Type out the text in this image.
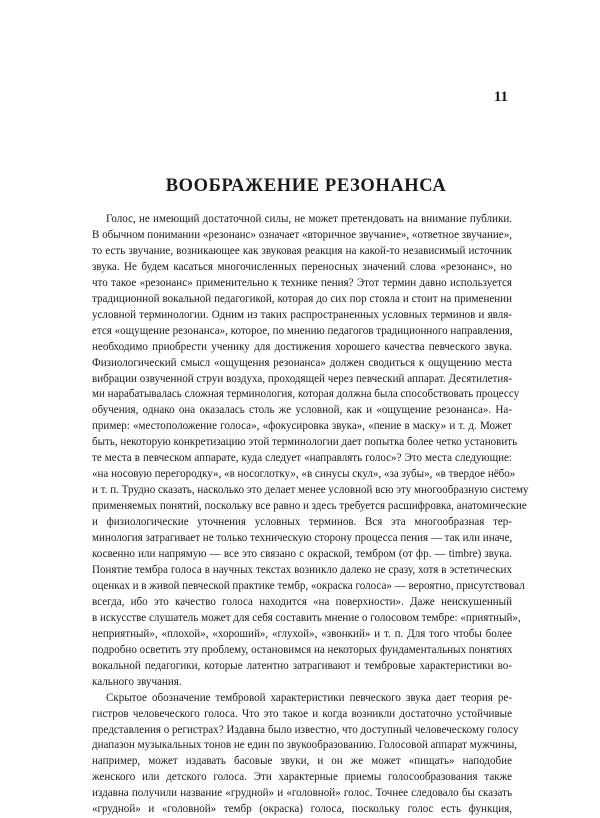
11
ВООБРАЖЕНИЕ РЕЗОНАНСА
Голос, не имеющий достаточной силы, не может претендовать на внимание публики.
В обычном понимании «резонанс» означает «вторичное звучание», «ответное звучание»,
то есть звучание, возникающее как звуковая реакция на какой-то независимый источник
звука. Не будем касаться многочисленных переносных значений слова «резонанс», но
что такое «резонанс» применительно к технике пения? Этот термин давно используется
традиционной вокальной педагогикой, которая до сих пор стояла и стоит на применении
условной терминологии. Одним из таких распространенных условных терминов и явля-
ется «ощущение резонанса», которое, по мнению педагогов традиционного направления,
необходимо приобрести ученику для достижения хорошего качества певческого звука.
Физиологический смысл «ощущения резонанса» должен сводиться к ощущению места
вибрации озвученной струи воздуха, проходящей через певческий аппарат. Десятилетия-
ми нарабатывалась сложная терминология, которая должна была способствовать процессу
обучения, однако она оказалась столь же условной, как и «ощущение резонанса». На-
пример: «местоположение голоса», «фокусировка звука», «пение в маску» и т. д. Может
быть, некоторую конкретизацию этой терминологии дает попытка более четко установить
те места в певческом аппарате, куда следует «направлять голос»? Это места следующие:
«на носовую перегородку», «в носоглотку», «в синусы скул», «за зубы», «в твердое нёбо»
и т. п. Трудно сказать, насколько это делает менее условной всю эту многообразную систему
применяемых понятий, поскольку все равно и здесь требуется расшифровка, анатомические
и физиологические уточнения условных терминов. Вся эта многообразная тер-
минология затрагивает не только техническую сторону процесса пения — так или иначе,
косвенно или напрямую — все это связано с окраской, тембром (от фр. — timbre) звука.
Понятие тембра голоса в научных текстах возникло далеко не сразу, хотя в эстетических
оценках и в живой певческой практике тембр, «окраска голоса» — вероятно, присутствовал
всегда, ибо это качество голоса находится «на поверхности». Даже неискушенный
в искусстве слушатель может для себя составить мнение о голосовом тембре: «приятный»,
неприятный», «плохой», «хороший», «глухой», «звонкий» и т. п. Для того чтобы более
подробно осветить эту проблему, остановимся на некоторых фундаментальных понятиях
вокальной педагогики, которые латентно затрагивают и тембровые характеристики во-
кального звучания.
Скрытое обозначение тембровой характеристики певческого звука дает теория ре-
гистров человеческого голоса. Что это такое и когда возникли достаточно устойчивые
представления о регистрах? Издавна было известно, что доступный человеческому голосу
диапазон музыкальных тонов не един по звукообразованию. Голосовой аппарат мужчины,
например, может издавать басовые звуки, и он же может «пищать» наподобие
женского или детского голоса. Эти характерные приемы голосообразования также
издавна получили название «грудной» и «головной» голос. Точнее следовало бы сказать
«грудной» и «головной» тембр (окраска) голоса, поскольку голос есть функция,
